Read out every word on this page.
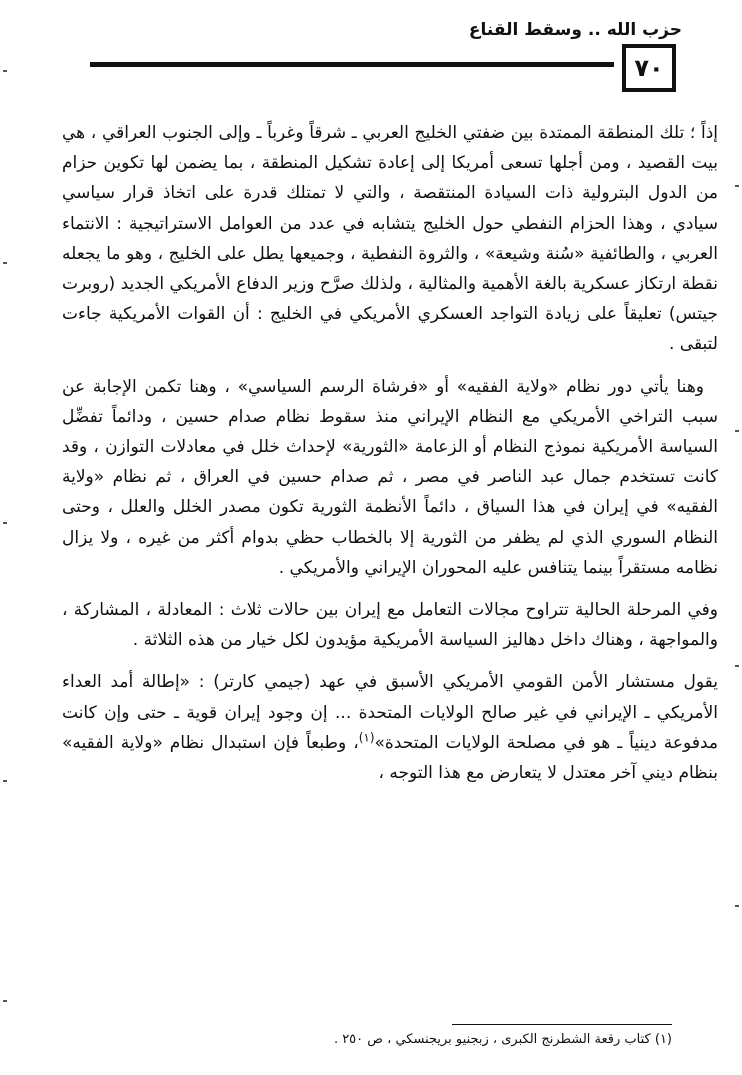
حزب الله .. وسقط القناع
٧٠

إذاً ؛ تلك المنطقة الممتدة بين ضفتي الخليج العربي ـ شرقاً وغرباً ـ وإلى الجنوب العراقي ، هي بيت القصيد ، ومن أجلها تسعى أمريكا إلى إعادة تشكيل المنطقة ، بما يضمن لها تكوين حزام من الدول البترولية ذات السيادة المنتقصة ، والتي لا تمتلك قدرة على اتخاذ قرار سياسي سيادي ، وهذا الحزام النفطي حول الخليج يتشابه في عدد من العوامل الاستراتيجية : الانتماء العربي ، والطائفية «سُنة وشيعة» ، والثروة النفطية ، وجميعها يطل على الخليج ، وهو ما يجعله نقطة ارتكاز عسكرية بالغة الأهمية والمثالية ، ولذلك صرَّح وزير الدفاع الأمريكي الجديد (روبرت جيتس) تعليقاً على زيادة التواجد العسكري الأمريكي في الخليج : أن القوات الأمريكية جاءت لتبقى .

وهنا يأتي دور نظام «ولاية الفقيه» أو «فرشاة الرسم السياسي» ، وهنا تكمن الإجابة عن سبب التراخي الأمريكي مع النظام الإيراني منذ سقوط نظام صدام حسين ، ودائماً تفضِّل السياسة الأمريكية نموذج النظام أو الزعامة «الثورية» لإحداث خلل في معادلات التوازن ، وقد كانت تستخدم جمال عبد الناصر في مصر ، ثم صدام حسين في العراق ، ثم نظام «ولاية الفقيه» في إيران في هذا السياق ، دائماً الأنظمة الثورية تكون مصدر الخلل والعلل ، وحتى النظام السوري الذي لم يظفر من الثورية إلا بالخطاب حظي بدوام أكثر من غيره ، ولا يزال نظامه مستقراً بينما يتنافس عليه المحوران الإيراني والأمريكي .

وفي المرحلة الحالية تتراوح مجالات التعامل مع إيران بين حالات ثلاث : المعادلة ، المشاركة ، والمواجهة ، وهناك داخل دهاليز السياسة الأمريكية مؤيدون لكل خيار من هذه الثلاثة .

يقول مستشار الأمن القومي الأمريكي الأسبق في عهد (جيمي كارتر) : «إطالة أمد العداء الأمريكي ـ الإيراني في غير صالح الولايات المتحدة ... إن وجود إيران قوية ـ حتى وإن كانت مدفوعة دينياً ـ هو في مصلحة الولايات المتحدة»$^{(١)}$، وطبعاً فإن استبدال نظام «ولاية الفقيه» بنظام ديني آخر معتدل لا يتعارض مع هذا التوجه ،

(١) كتاب رقعة الشطرنج الكبرى ، زبجنيو بريجنسكي ، ص ٢٥٠ .
